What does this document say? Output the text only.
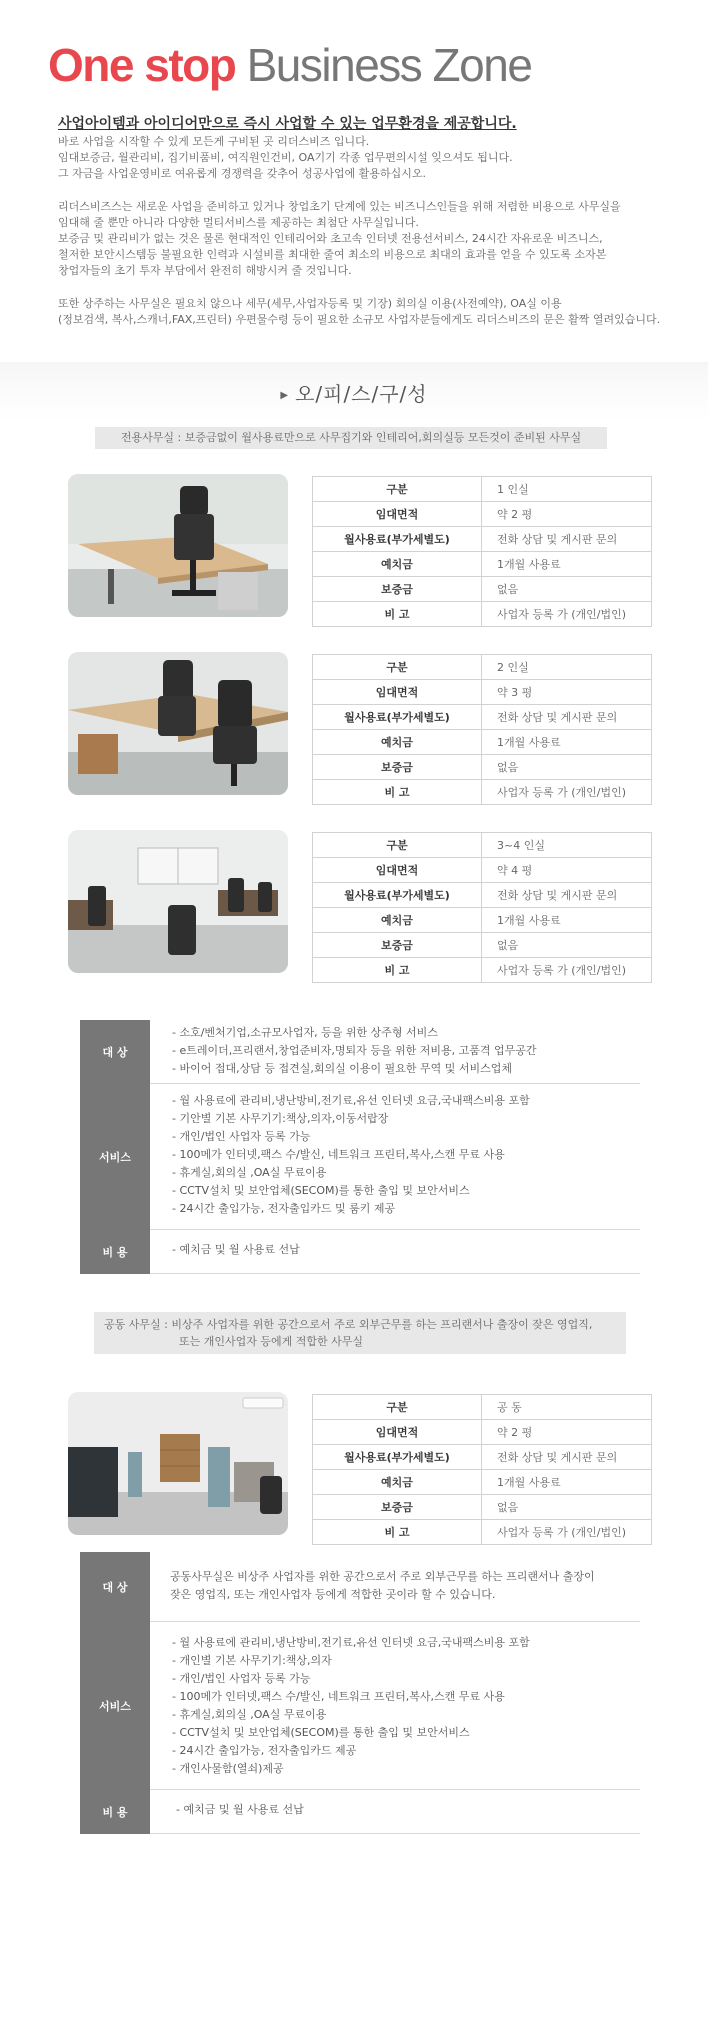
One stop Business Zone
사업아이템과 아이디어만으로 즉시 사업할 수 있는 업무환경을 제공합니다.

바로 사업을 시작할 수 있게 모든게 구비된 곳 리더스비즈 입니다.

임대보증금, 월관리비, 집기비품비, 여직원인건비, OA기기 각종 업무편의시설 잊으셔도 됩니다.

그 자금을 사업운영비로 여유롭게 경쟁력을 갖추어 성공사업에 활용하십시오.

리더스비즈스는 새로운 사업을 준비하고 있거나 창업초기 단계에 있는 비즈니스인들을 위해 저렴한 비용으로 사무실을

임대해 줄 뿐만 아니라 다양한 멀티서비스를 제공하는 최첨단 사무실입니다.

보증금 및 관리비가 없는 것은 물론 현대적인 인테리어와 초고속 인터넷 전용선서비스, 24시간 자유로운 비즈니스,

철저한 보안시스템등 불필요한 인력과 시설비를 최대한 줄여 최소의 비용으로 최대의 효과를 얻을 수 있도록 소자본

창업자들의 초기 투자 부담에서 완전히 해방시켜 줄 것입니다.

또한 상주하는 사무실은 필요치 않으나 세무(세무,사업자등록 및 기장) 회의실 이용(사전예약), OA실 이용

(정보검색, 복사,스캐너,FAX,프린터) 우편물수령 등이 필요한 소규모 사업자분들에게도 리더스비즈의 문은 활짝 열려있습니다.

▶ 오/피/스/구/성
전용사무실 : 보증금없이 월사용료만으로 사무집기와 인테리어,회의실등 모든것이 준비된 사무실
구분	1 인실
임대면적	약 2 평
월사용료(부가세별도)	전화 상담 및 게시판 문의
예치금	1개월 사용료
보증금	없음
비 고	사업자 등록 가 (개인/법인)
구분	2 인실
임대면적	약 3 평
월사용료(부가세별도)	전화 상담 및 게시판 문의
예치금	1개월 사용료
보증금	없음
비 고	사업자 등록 가 (개인/법인)
구분	3~4 인실
임대면적	약 4 평
월사용료(부가세별도)	전화 상담 및 게시판 문의
예치금	1개월 사용료
보증금	없음
비 고	사업자 등록 가 (개인/법인)
대 상
- 소호/벤처기업,소규모사업자, 등을 위한 상주형 서비스
- e트레이더,프리랜서,창업준비자,명퇴자 등을 위한 저비용, 고품격 업무공간
- 바이어 접대,상담 등 접견실,회의실 이용이 필요한 무역 및 서비스업체
서비스
- 월 사용료에 관리비,냉난방비,전기료,유선 인터넷 요금,국내팩스비용 포함
- 기안별 기본 사무기기:책상,의자,이동서랍장
- 개인/법인 사업자 등록 가능
- 100메가 인터넷,팩스 수/발신, 네트워크 프린터,복사,스캔 무료 사용
- 휴게실,회의실 ,OA실 무료이용
- CCTV설치 및 보안업체(SECOM)를 통한 출입 및 보안서비스
- 24시간 출입가능, 전자출입카드 및 룸키 제공
비 용	- 예치금 및 월 사용료 선납
공동 사무실 : 비상주 사업자를 위한 공간으로서 주로 외부근무를 하는 프리랜서나 출장이 잦은 영업직,
또는 개인사업자 등에게 적합한 사무실
구분	공 동
임대면적	약 2 평
월사용료(부가세별도)	전화 상담 및 게시판 문의
예치금	1개월 사용료
보증금	없음
비 고	사업자 등록 가 (개인/법인)
대 상
공동사무실은 비상주 사업자를 위한 공간으로서 주로 외부근무를 하는 프리랜서나 출장이
잦은 영업직, 또는 개인사업자 등에게 적합한 곳이라 할 수 있습니다.
서비스
- 월 사용료에 관리비,냉난방비,전기료,유선 인터넷 요금,국내팩스비용 포함
- 개인별 기본 사무기기:책상,의자
- 개인/법인 사업자 등록 가능
- 100메가 인터넷,팩스 수/발신, 네트워크 프린터,복사,스캔 무료 사용
- 휴게실,회의실 ,OA실 무료이용
- CCTV설치 및 보안업체(SECOM)를 통한 출입 및 보안서비스
- 24시간 출입가능, 전자출입카드 제공
- 개인사물함(열쇠)제공
비 용	- 예치금 및 월 사용료 선납
